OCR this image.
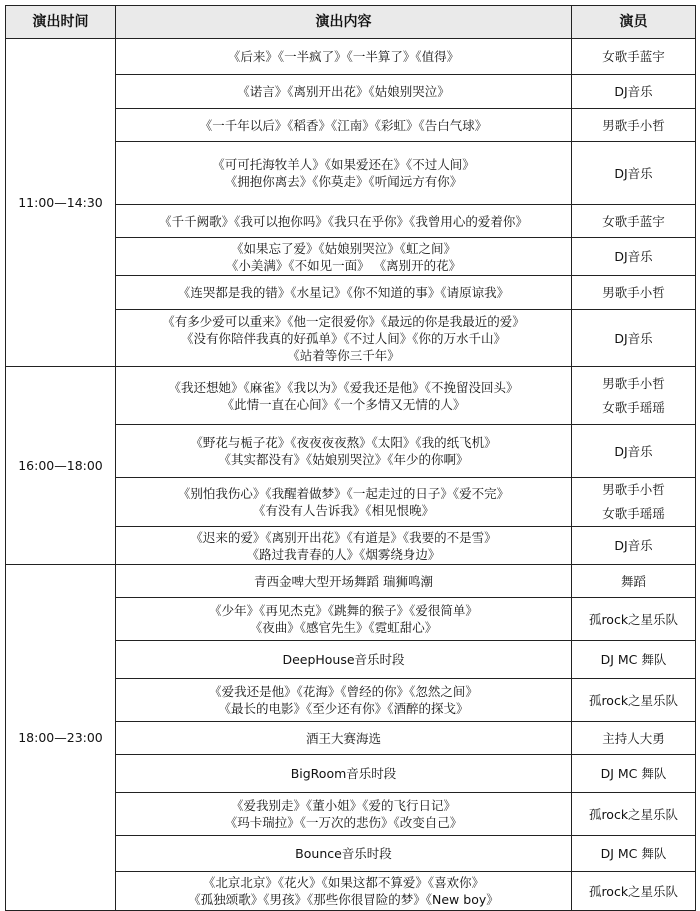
演出时间	演出内容	演员
11:00—14:30	《后来》《一半疯了》《一半算了》《值得》	女歌手蓝宇

	《诺言》《离别开出花》《姑娘别哭泣》	DJ音乐

	《一千年以后》《稻香》《江南》《彩虹》《告白气球》	男歌手小哲

	《可可托海牧羊人》《如果爱还在》《不过人间》
《拥抱你离去》《你莫走》《听闻远方有你》	DJ音乐

	《千千阙歌》《我可以抱你吗》《我只在乎你》《我曾用心的爱着你》	女歌手蓝宇

	《如果忘了爱》《姑娘别哭泣》《虹之间》
《小美满》《不如见一面》 《离别开的花》	DJ音乐

	《连哭都是我的错》《水星记》《你不知道的事》《请原谅我》	男歌手小哲

	《有多少爱可以重来》《他一定很爱你》《最远的你是我最近的爱》
《没有你陪伴我真的好孤单》《不过人间》《你的万水千山》
《站着等你三千年》	DJ音乐

16:00—18:00	《我还想她》《麻雀》《我以为》《爱我还是他》《不挽留没回头》
《此情一直在心间》《一个多情又无情的人》	男歌手小哲
女歌手瑶瑶

	《野花与栀子花》《夜夜夜夜熬》《太阳》《我的纸飞机》
《其实都没有》《姑娘别哭泣》《年少的你啊》	DJ音乐

	《别怕我伤心》《我醒着做梦》《一起走过的日子》《爱不完》
《有没有人告诉我》《相见恨晚》	男歌手小哲
女歌手瑶瑶

	《迟来的爱》《离别开出花》《有道是》《我要的不是雪》
《路过我青春的人》《烟雾绕身边》	DJ音乐

18:00—23:00	青西金啤大型开场舞蹈 瑞狮鸣潮	舞蹈

	《少年》《再见杰克》《跳舞的猴子》《爱很简单》
《夜曲》《感官先生》《霓虹甜心》	孤rock之星乐队

	DeepHouse音乐时段	DJ MC 舞队

	《爱我还是他》《花海》《曾经的你》《忽然之间》
《最长的电影》《至少还有你》《酒醉的探戈》	孤rock之星乐队

	酒王大赛海选	主持人大勇

	BigRoom音乐时段	DJ MC 舞队

	《爱我别走》《董小姐》《爱的飞行日记》
《玛卡瑞拉》《一万次的悲伤》《改变自己》	孤rock之星乐队

	Bounce音乐时段	DJ MC 舞队

	《北京北京》《花火》《如果这都不算爱》《喜欢你》
《孤独颂歌》《男孩》《那些你很冒险的梦》《New boy》	孤rock之星乐队
